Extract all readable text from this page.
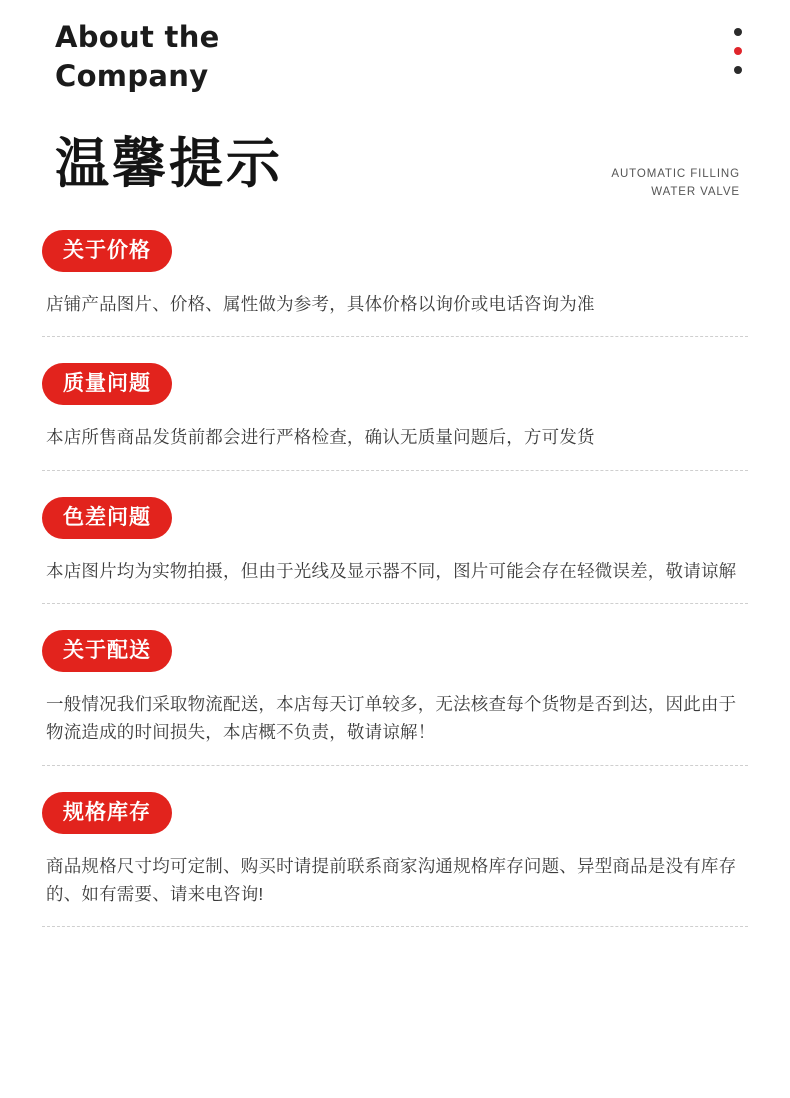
About the
Company
温馨提示	AUTOMATIC FILLING
WATER VALVE
关于价格
店铺产品图片、价格、属性做为参考，具体价格以询价或电话咨询为准
质量问题
本店所售商品发货前都会进行严格检查，确认无质量问题后，方可发货
色差问题
本店图片均为实物拍摄，但由于光线及显示器不同，图片可能会存在轻微误差，敬请谅解
关于配送
一般情况我们采取物流配送，本店每天订单较多，无法核查每个货物是否到达，因此由于物流造成的时间损失，本店概不负责，敬请谅解！
规格库存
商品规格尺寸均可定制、购买时请提前联系商家沟通规格库存问题、异型商品是没有库存的、如有需要、请来电咨询!
